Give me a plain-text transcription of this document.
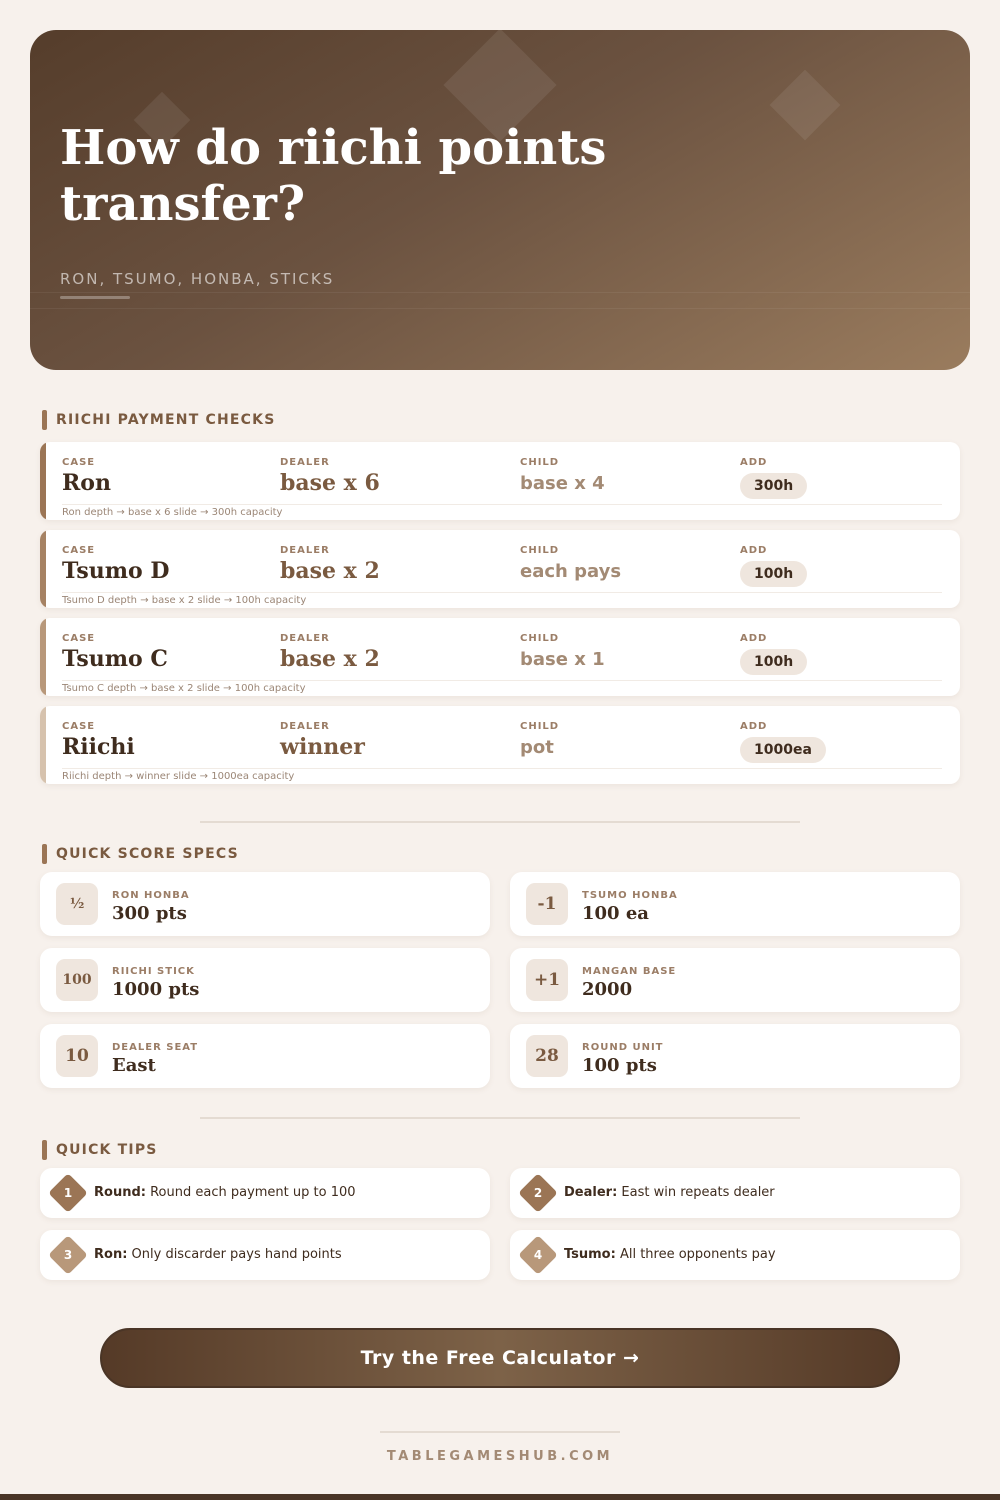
How do riichi points transfer?
RON, TSUMO, HONBA, STICKS
RIICHI PAYMENT CHECKS
CASE
Ron
DEALER
base x 6
CHILD
base x 4
ADD
300h
Ron depth → base x 6 slide → 300h capacity
CASE
Tsumo D
DEALER
base x 2
CHILD
each pays
ADD
100h
Tsumo D depth → base x 2 slide → 100h capacity
CASE
Tsumo C
DEALER
base x 2
CHILD
base x 1
ADD
100h
Tsumo C depth → base x 2 slide → 100h capacity
CASE
Riichi
DEALER
winner
CHILD
pot
ADD
1000ea
Riichi depth → winner slide → 1000ea capacity
QUICK SCORE SPECS
½
RON HONBA
300 pts	-1	TSUMO HONBA
100 ea
100
RIICHI STICK
1000 pts	+1	MANGAN BASE
2000
10	DEALER SEAT
East	28	ROUND UNIT
100 pts
QUICK TIPS
1	Round: Round each payment up to 100	2	Dealer: East win repeats dealer
3	Ron: Only discarder pays hand points	4	Tsumo: All three opponents pay
Try the Free Calculator →
TABLEGAMESHUB.COM
